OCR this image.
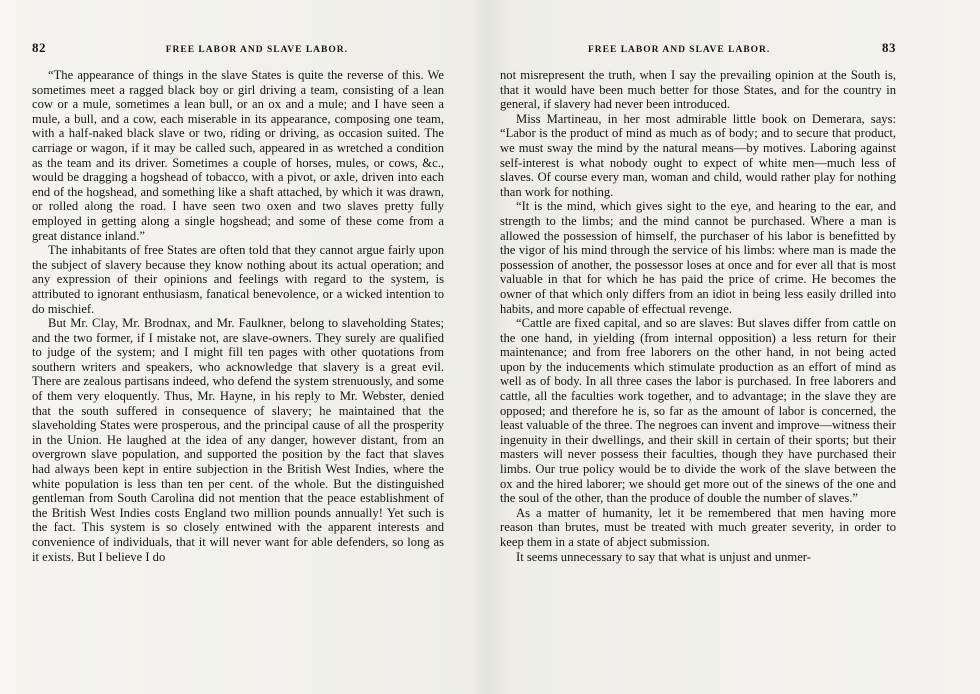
82	FREE LABOR AND SLAVE LABOR.

“The appearance of things in the slave States is quite the reverse of this. We sometimes meet a ragged black boy or girl driving a team, consisting of a lean cow or a mule, sometimes a lean bull, or an ox and a mule; and I have seen a mule, a bull, and a cow, each miserable in its appearance, composing one team, with a half-naked black slave or two, riding or driving, as occasion suited. The carriage or wagon, if it may be called such, appeared in as wretched a condition as the team and its driver. Sometimes a couple of horses, mules, or cows, &c., would be dragging a hogshead of tobacco, with a pivot, or axle, driven into each end of the hogshead, and something like a shaft attached, by which it was drawn, or rolled along the road. I have seen two oxen and two slaves pretty fully employed in getting along a single hogshead; and some of these come from a great distance inland.”

The inhabitants of free States are often told that they cannot argue fairly upon the subject of slavery because they know nothing about its actual operation; and any expression of their opinions and feelings with regard to the system, is attributed to ignorant enthusiasm, fanatical benevolence, or a wicked intention to do mischief.

But Mr. Clay, Mr. Brodnax, and Mr. Faulkner, belong to slaveholding States; and the two former, if I mistake not, are slave-owners. They surely are qualified to judge of the system; and I might fill ten pages with other quotations from southern writers and speakers, who acknowledge that slavery is a great evil. There are zealous partisans indeed, who defend the system strenuously, and some of them very eloquently. Thus, Mr. Hayne, in his reply to Mr. Webster, denied that the south suffered in consequence of slavery; he maintained that the slaveholding States were prosperous, and the principal cause of all the prosperity in the Union. He laughed at the idea of any danger, however distant, from an overgrown slave population, and supported the position by the fact that slaves had always been kept in entire subjection in the British West Indies, where the white population is less than ten per cent. of the whole. But the distinguished gentleman from South Carolina did not mention that the peace establishment of the British West Indies costs England two million pounds annually! Yet such is the fact. This system is so closely entwined with the apparent interests and convenience of individuals, that it will never want for able defenders, so long as it exists. But I believe I do

FREE LABOR AND SLAVE LABOR.	83

not misrepresent the truth, when I say the prevailing opinion at the South is, that it would have been much better for those States, and for the country in general, if slavery had never been introduced.

Miss Martineau, in her most admirable little book on Demerara, says: “Labor is the product of mind as much as of body; and to secure that product, we must sway the mind by the natural means—by motives. Laboring against self-interest is what nobody ought to expect of white men—much less of slaves. Of course every man, woman and child, would rather play for nothing than work for nothing.

“It is the mind, which gives sight to the eye, and hearing to the ear, and strength to the limbs; and the mind cannot be purchased. Where a man is allowed the possession of himself, the purchaser of his labor is benefitted by the vigor of his mind through the service of his limbs: where man is made the possession of another, the possessor loses at once and for ever all that is most valuable in that for which he has paid the price of crime. He becomes the owner of that which only differs from an idiot in being less easily drilled into habits, and more capable of effectual revenge.

“Cattle are fixed capital, and so are slaves: But slaves differ from cattle on the one hand, in yielding (from internal opposition) a less return for their maintenance; and from free laborers on the other hand, in not being acted upon by the inducements which stimulate production as an effort of mind as well as of body. In all three cases the labor is purchased. In free laborers and cattle, all the faculties work together, and to advantage; in the slave they are opposed; and therefore he is, so far as the amount of labor is concerned, the least valuable of the three. The negroes can invent and improve—witness their ingenuity in their dwellings, and their skill in certain of their sports; but their masters will never possess their faculties, though they have purchased their limbs. Our true policy would be to divide the work of the slave between the ox and the hired laborer; we should get more out of the sinews of the one and the soul of the other, than the produce of double the number of slaves.”

As a matter of humanity, let it be remembered that men having more reason than brutes, must be treated with much greater severity, in order to keep them in a state of abject submission.

It seems unnecessary to say that what is unjust and unmer-
